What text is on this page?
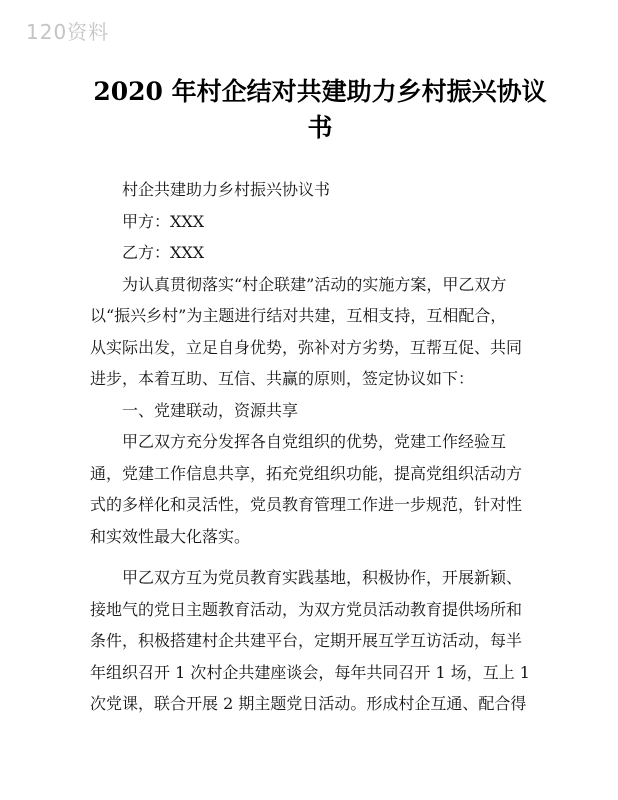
120资料
2020 年村企结对共建助力乡村振兴协议
书
村企共建助力乡村振兴协议书
甲方：XXX
乙方：XXX
为认真贯彻落实“村企联建”活动的实施方案，甲乙双方
以“振兴乡村”为主题进行结对共建，互相支持，互相配合，
从实际出发，立足自身优势，弥补对方劣势，互帮互促、共同
进步，本着互助、互信、共赢的原则，签定协议如下：
一、党建联动，资源共享
甲乙双方充分发挥各自党组织的优势，党建工作经验互
通，党建工作信息共享，拓充党组织功能，提高党组织活动方
式的多样化和灵活性，党员教育管理工作进一步规范，针对性
和实效性最大化落实。
甲乙双方互为党员教育实践基地，积极协作，开展新颖、
接地气的党日主题教育活动，为双方党员活动教育提供场所和
条件，积极搭建村企共建平台，定期开展互学互访活动，每半
年组织召开 1 次村企共建座谈会，每年共同召开 1 场，互上 1
次党课，联合开展 2 期主题党日活动。形成村企互通、配合得
